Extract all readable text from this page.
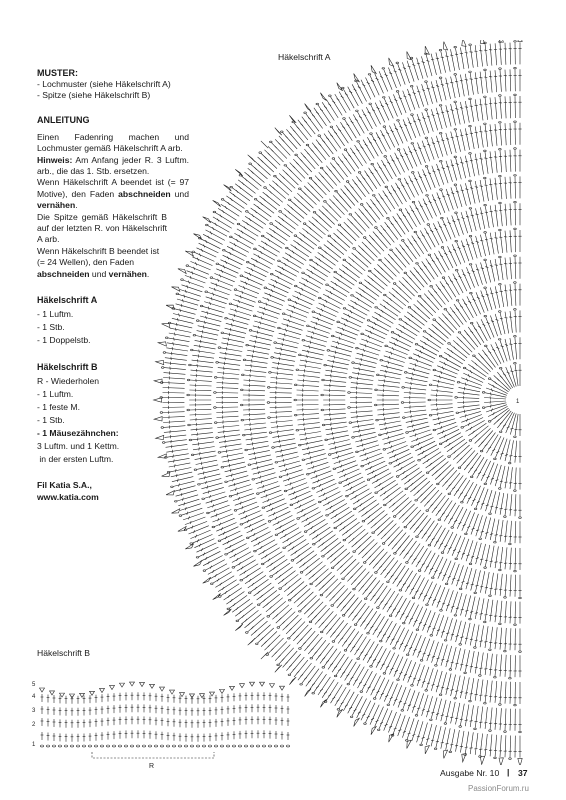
Häkelschrift A
MUSTER:
- Lochmuster (siehe Häkelschrift A)
- Spitze (siehe Häkelschrift B)
ANLEITUNG
Einen Fadenring machen und Lochmuster gemäß Häkelschrift A arb.
Hinweis: Am Anfang jeder R. 3 Luftm. arb., die das 1. Stb. ersetzen.
Wenn Häkelschrift A beendet ist (= 97 Motive), den Faden abschneiden und vernähen.
Die Spitze gemäß Häkelschrift B auf der letzten R. von Häkelschrift A arb.
Wenn Häkelschrift B beendet ist (= 24 Wellen), den Faden abschneiden und vernähen.
Häkelschrift A
- 1 Luftm.
- 1 Stb.
- 1 Doppelstb.
Häkelschrift B
R - Wiederholen
- 1 Luftm.
- 1 feste M.
- 1 Stb.
- 1 Mäusezähnchen:
3 Luftm. und 1 Kettm.
in der ersten Luftm.
Fil Katia S.A.,
www.katia.com
1
Häkelschrift B
5
4
3
2
1
R
Ausgabe Nr. 10 | 37
PassionForum.ru
